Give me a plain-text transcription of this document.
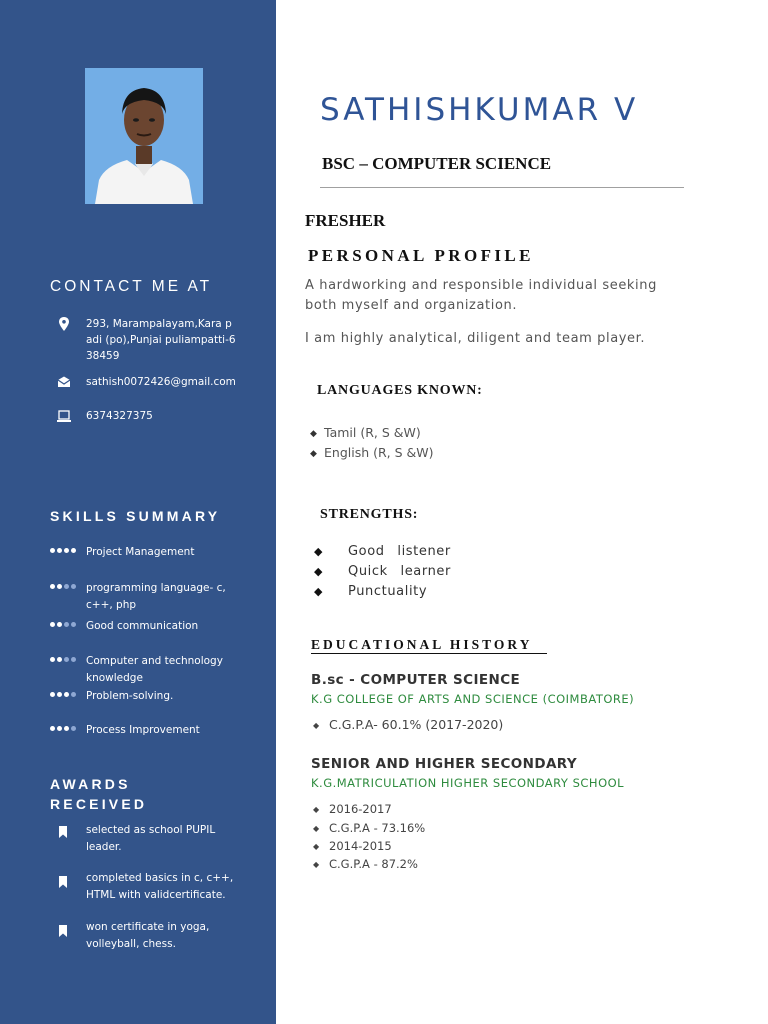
CONTACT ME AT
293, Marampalayam,Kara padi (po),Punjai puliampatti-638459
sathish0072426@gmail.com
6374327375
SKILLS SUMMARY
Project Management
programming language- c, c++, php
Good communication
Computer and technology knowledge
Problem-solving.
Process Improvement
AWARDS
RECEIVED
selected as school PUPIL leader.
completed basics in c, c++, HTML with validcertificate.
won certificate in yoga, volleyball, chess.
SATHISHKUMAR V
BSC – COMPUTER SCIENCE
FRESHER
PERSONAL PROFILE
A hardworking and responsible individual seeking both myself and organization.
I am highly analytical, diligent and team player.
LANGUAGES KNOWN:
◆ Tamil (R, S &W)
◆ English (R, S &W)
STRENGTHS:
◆ Good listener
◆ Quick learner
◆ Punctuality
EDUCATIONAL HISTORY
B.sc - COMPUTER SCIENCE
K.G COLLEGE OF ARTS AND SCIENCE (COIMBATORE)
◆ C.G.P.A- 60.1% (2017-2020)
SENIOR AND HIGHER SECONDARY
K.G.MATRICULATION HIGHER SECONDARY SCHOOL
◆ 2016-2017
◆ C.G.P.A - 73.16%
◆ 2014-2015
◆ C.G.P.A - 87.2%
